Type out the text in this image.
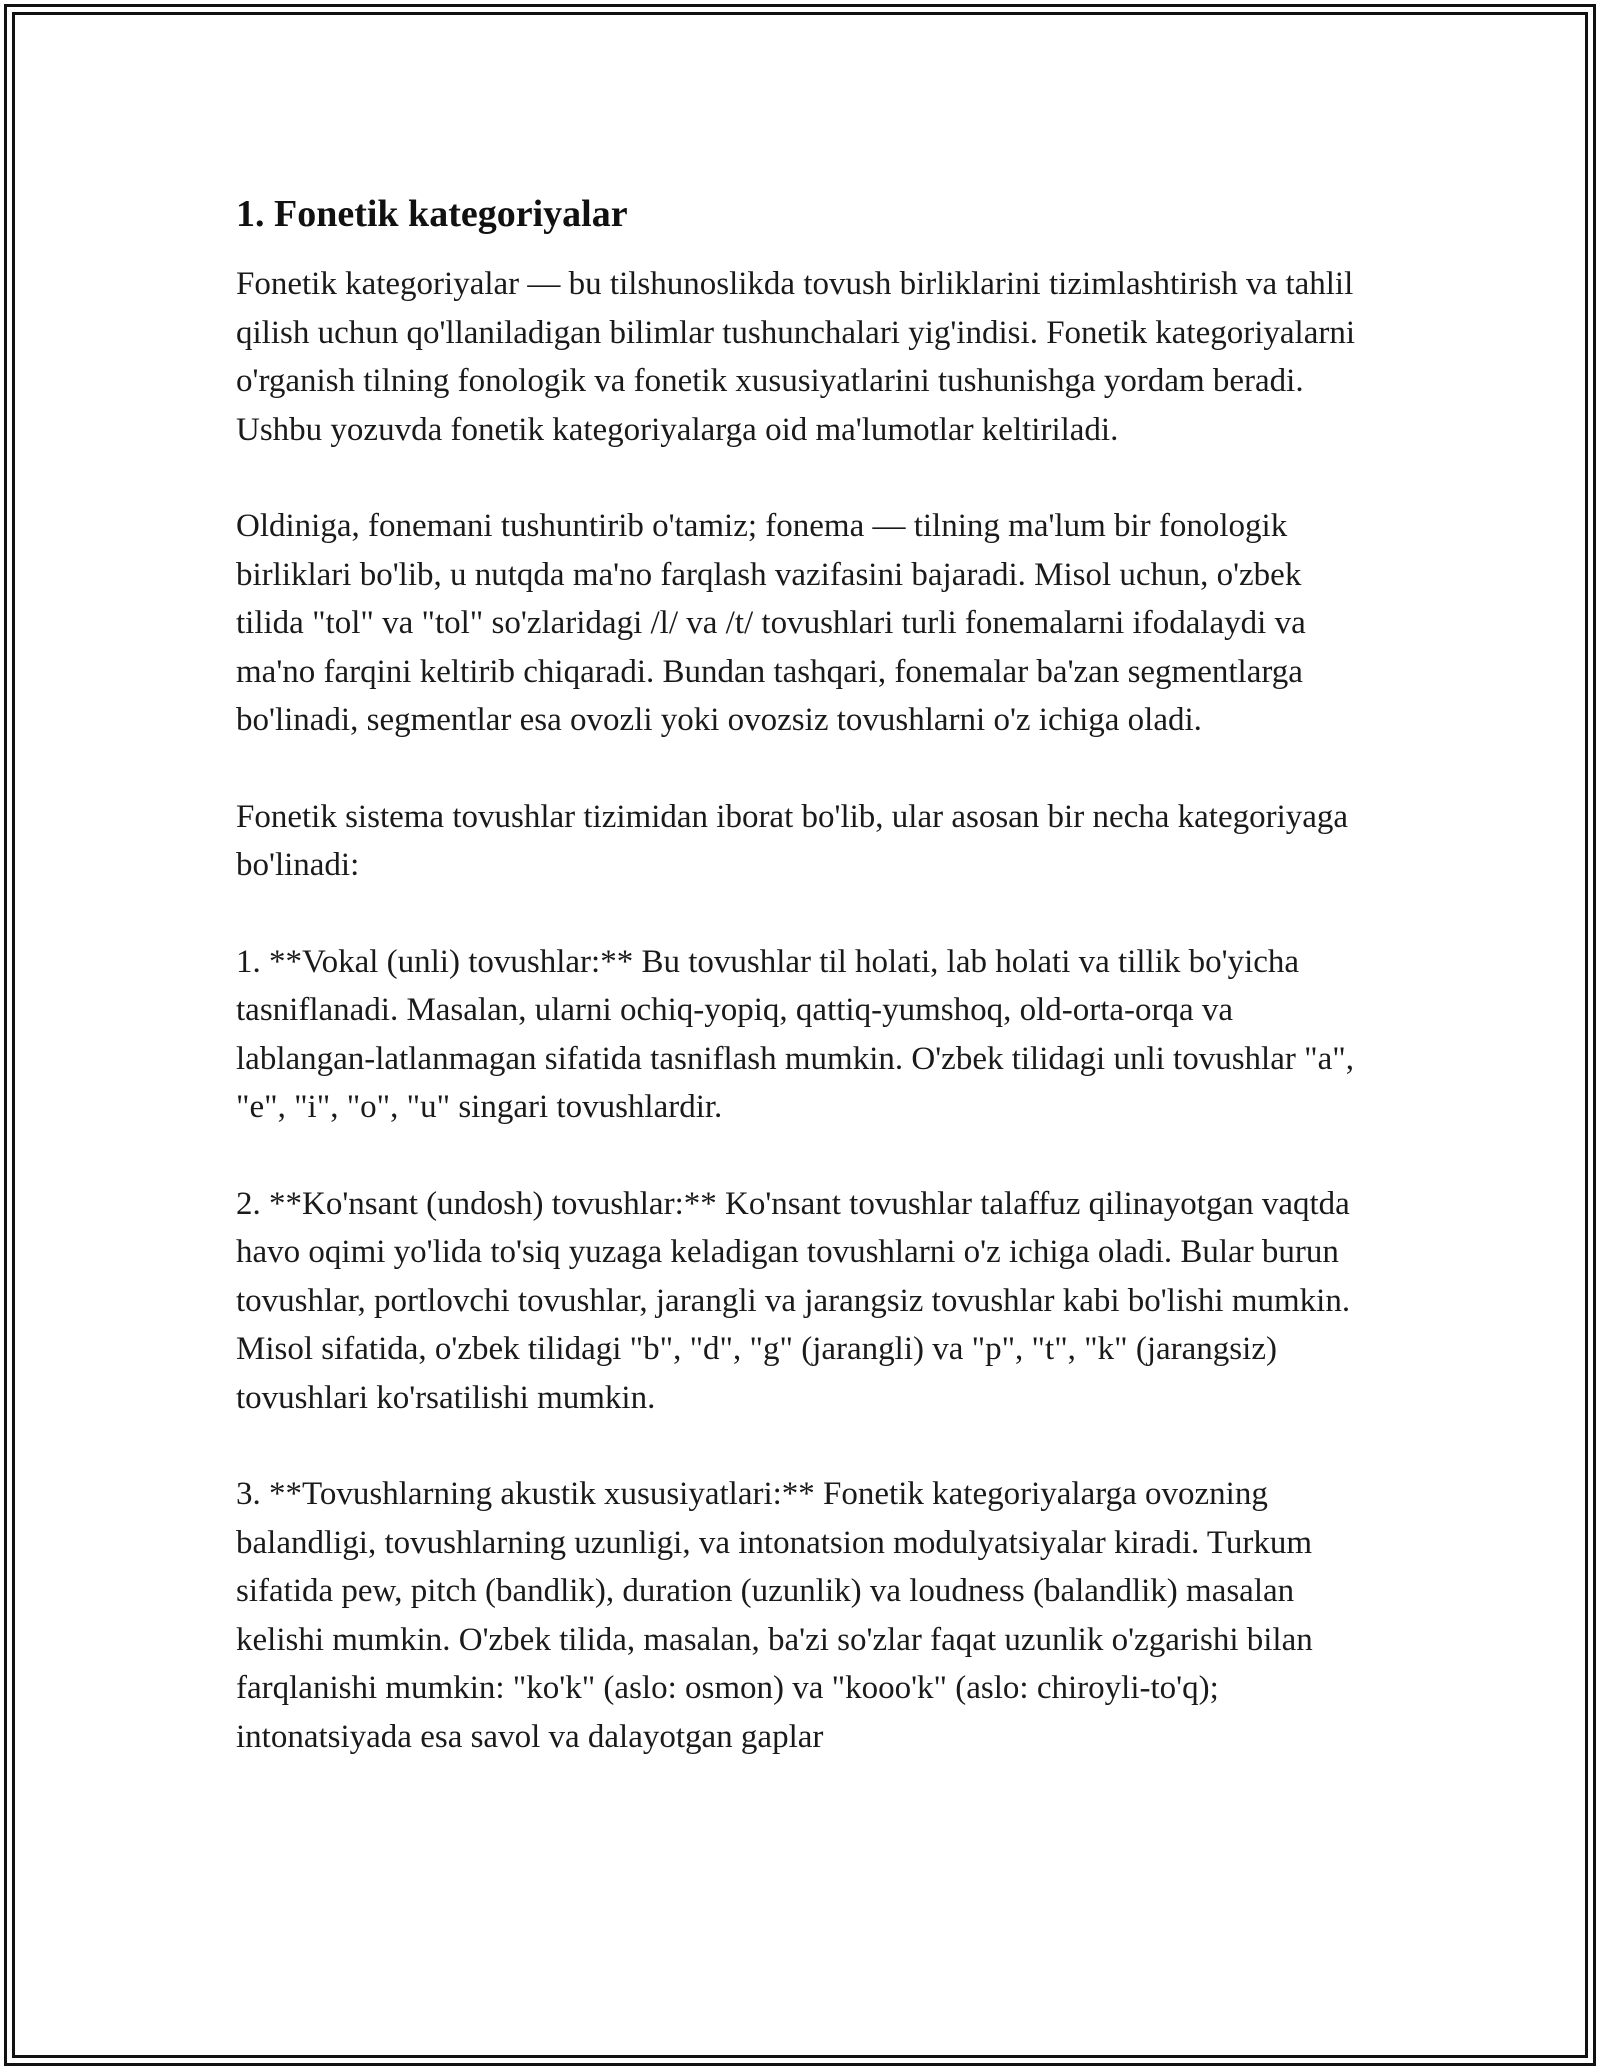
1. Fonetik kategoriyalar

Fonetik kategoriyalar — bu tilshunoslikda tovush birliklarini tizimlashtirish va tahlil qilish uchun qo'llaniladigan bilimlar tushunchalari yig'indisi. Fonetik kategoriyalarni o'rganish tilning fonologik va fonetik xususiyatlarini tushunishga yordam beradi. Ushbu yozuvda fonetik kategoriyalarga oid ma'lumotlar keltiriladi.

Oldiniga, fonemani tushuntirib o'tamiz; fonema — tilning ma'lum bir fonologik birliklari bo'lib, u nutqda ma'no farqlash vazifasini bajaradi. Misol uchun, o'zbek tilida "tol" va "tol" so'zlaridagi /l/ va /t/ tovushlari turli fonemalarni ifodalaydi va ma'no farqini keltirib chiqaradi. Bundan tashqari, fonemalar ba'zan segmentlarga bo'linadi, segmentlar esa ovozli yoki ovozsiz tovushlarni o'z ichiga oladi.

Fonetik sistema tovushlar tizimidan iborat bo'lib, ular asosan bir necha kategoriyaga bo'linadi:

1. **Vokal (unli) tovushlar:** Bu tovushlar til holati, lab holati va tillik bo'yicha tasniflanadi. Masalan, ularni ochiq-yopiq, qattiq-yumshoq, old-orta-orqa va lablangan-latlanmagan sifatida tasniflash mumkin. O'zbek tilidagi unli tovushlar "a", "e", "i", "o", "u" singari tovushlardir.

2. **Ko'nsant (undosh) tovushlar:** Ko'nsant tovushlar talaffuz qilinayotgan vaqtda havo oqimi yo'lida to'siq yuzaga keladigan tovushlarni o'z ichiga oladi. Bular burun tovushlar, portlovchi tovushlar, jarangli va jarangsiz tovushlar kabi bo'lishi mumkin. Misol sifatida, o'zbek tilidagi "b", "d", "g" (jarangli) va "p", "t", "k" (jarangsiz) tovushlari ko'rsatilishi mumkin.

3. **Tovushlarning akustik xususiyatlari:** Fonetik kategoriyalarga ovozning balandligi, tovushlarning uzunligi, va intonatsion modulyatsiyalar kiradi. Turkum sifatida pew, pitch (bandlik), duration (uzunlik) va loudness (balandlik) masalan kelishi mumkin. O'zbek tilida, masalan, ba'zi so'zlar faqat uzunlik o'zgarishi bilan farqlanishi mumkin: "ko'k" (aslo: osmon) va "kooo'k" (aslo: chiroyli-to'q); intonatsiyada esa savol va dalayotgan gaplar
